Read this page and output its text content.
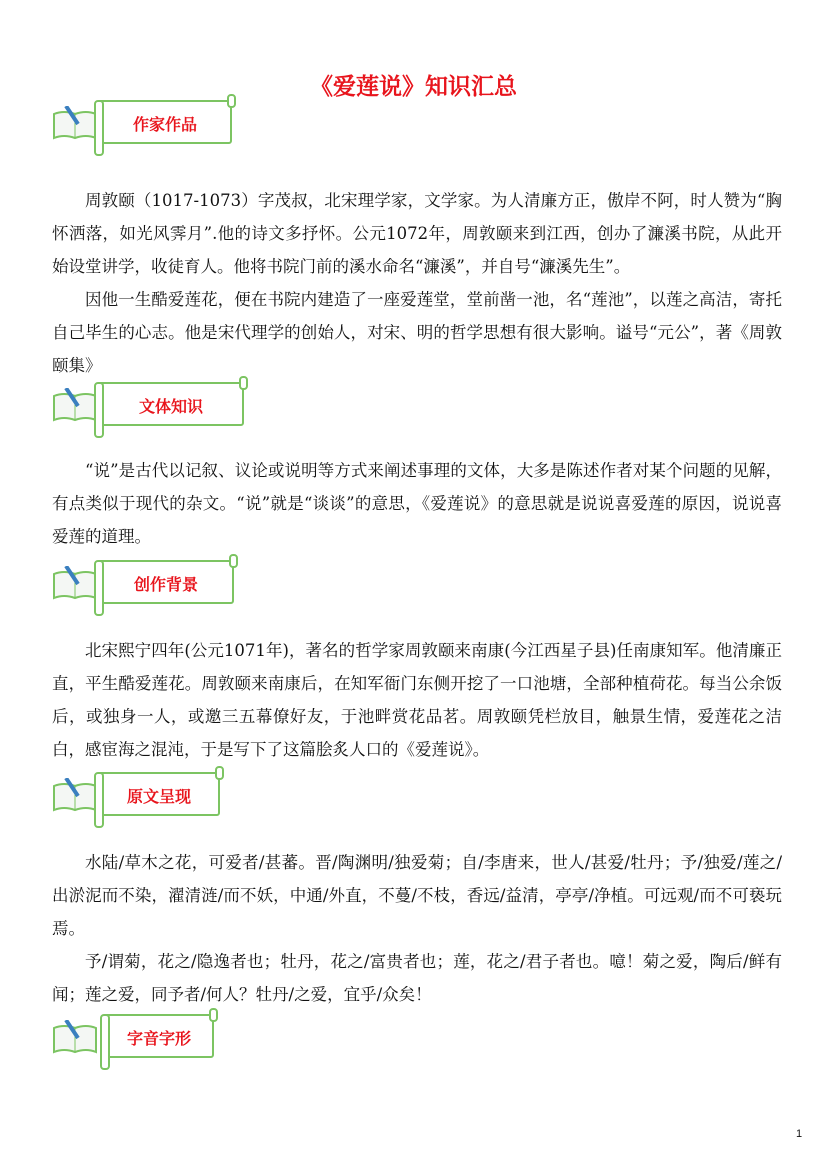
《爱莲说》知识汇总
作家作品

周敦颐（1017-1073）字茂叔，北宋理学家，文学家。为人清廉方正，傲岸不阿，时人赞为“胸怀洒落，如光风霁月”.他的诗文多抒怀。公元1072年，周敦颐来到江西，创办了濂溪书院，从此开始设堂讲学，收徒育人。他将书院门前的溪水命名“濂溪”，并自号“濂溪先生”。

因他一生酷爱莲花，便在书院内建造了一座爱莲堂，堂前凿一池，名“莲池”，以莲之高洁，寄托自己毕生的心志。他是宋代理学的创始人，对宋、明的哲学思想有很大影响。谥号“元公”，著《周敦颐集》

文体知识

“说”是古代以记叙、议论或说明等方式来阐述事理的文体，大多是陈述作者对某个问题的见解，有点类似于现代的杂文。“说”就是“谈谈”的意思，《爱莲说》的意思就是说说喜爱莲的原因，说说喜爱莲的道理。

创作背景

北宋熙宁四年(公元1071年)，著名的哲学家周敦颐来南康(今江西星子县)任南康知军。他清廉正直，平生酷爱莲花。周敦颐来南康后，在知军衙门东侧开挖了一口池塘，全部种植荷花。每当公余饭后，或独身一人，或邀三五幕僚好友，于池畔赏花品茗。周敦颐凭栏放目，触景生情，爱莲花之洁白，感宦海之混沌，于是写下了这篇脍炙人口的《爱莲说》。

原文呈现

水陆/草木之花，可爱者/甚蕃。晋/陶渊明/独爱菊；自/李唐来，世人/甚爱/牡丹；予/独爱/莲之/出淤泥而不染，濯清涟/而不妖，中通/外直，不蔓/不枝，香远/益清，亭亭/净植。可远观/而不可亵玩焉。

予/谓菊，花之/隐逸者也；牡丹，花之/富贵者也；莲，花之/君子者也。噫！菊之爱，陶后/鲜有闻；莲之爱，同予者/何人？牡丹/之爱，宜乎/众矣！

字音字形
1
